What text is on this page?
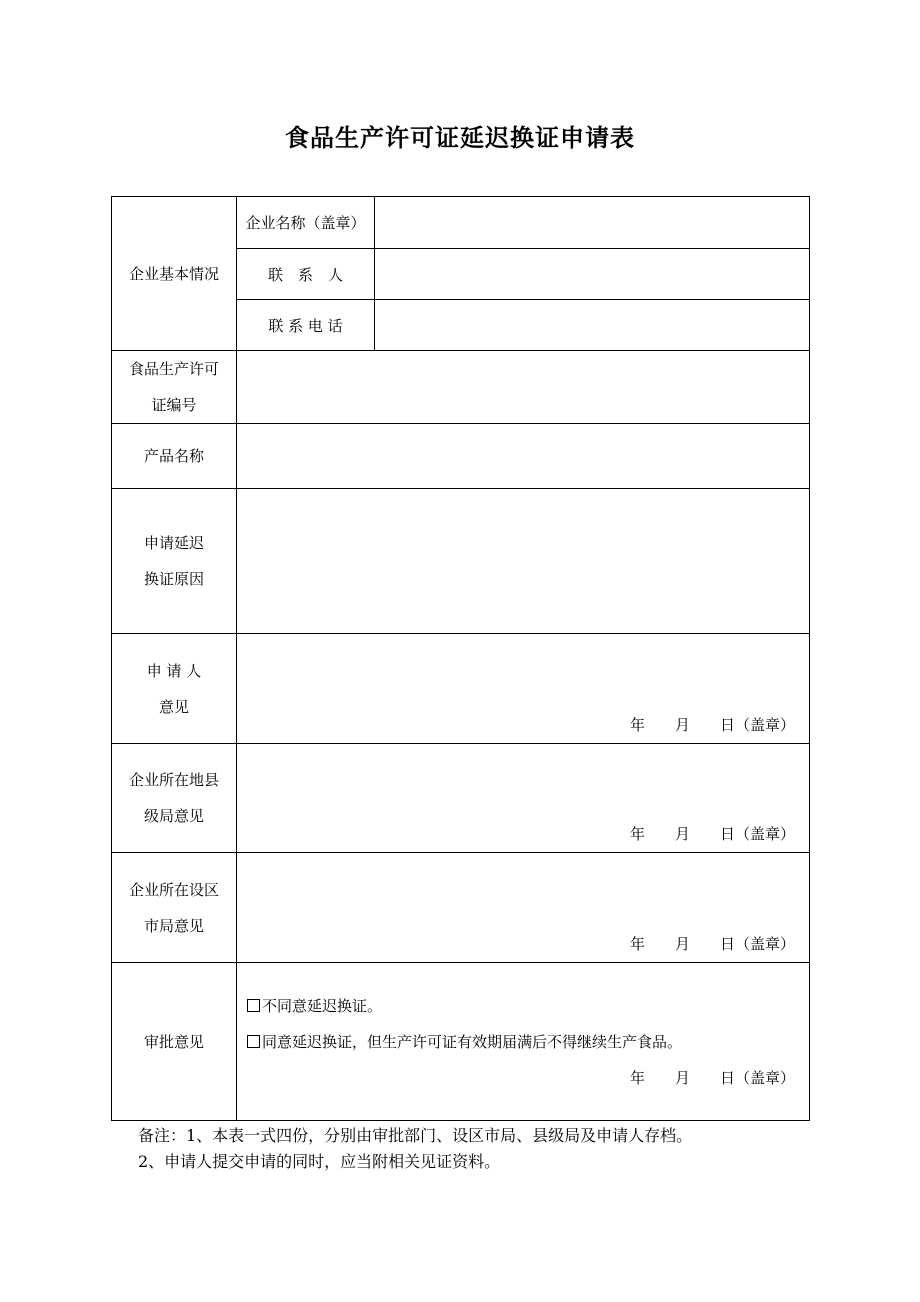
食品生产许可证延迟换证申请表
企业基本情况	企业名称（盖章）	
	联　系　人	
	联 系 电 话	
食品生产许可
证编号		
产品名称		
申请延迟
换证原因		
申 请 人
意见	年　　月　　日（盖章）	

企业所在地县
级局意见	年　　月　　日（盖章）	

企业所在设区
市局意见	年　　月　　日（盖章）	

审批意见	不同意延迟换证。
同意延迟换证，但生产许可证有效期届满后不得继续生产食品。
年　　月　　日（盖章）	
备注：1、本表一式四份，分别由审批部门、设区市局、县级局及申请人存档。
2、申请人提交申请的同时，应当附相关见证资料。
